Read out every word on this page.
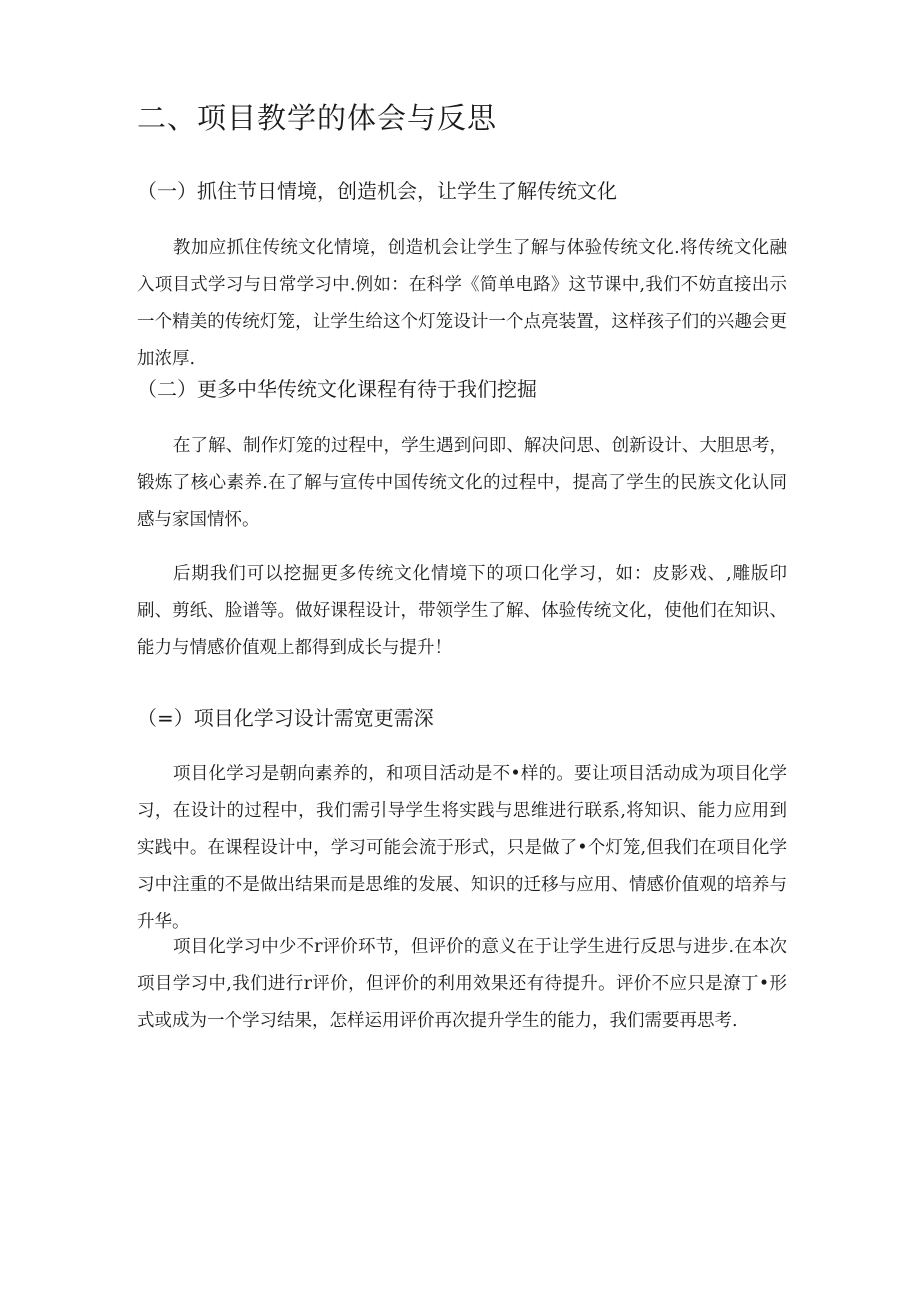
二、项目教学的体会与反思
（一）抓住节日情境，创造机会，让学生了解传统文化

教加应抓住传统文化情境，创造机会让学生了解与体验传统文化.将传统文化融入项目式学习与日常学习中.例如：在科学《简单电路》这节课中,我们不妨直接出示一个精美的传统灯笼，让学生给这个灯笼设计一个点亮装置，这样孩子们的兴趣会更加浓厚.

（二）更多中华传统文化课程有待于我们挖掘

在了解、制作灯笼的过程中，学生遇到问即、解决问思、创新设计、大胆思考，锻炼了核心素养.在了解与宣传中国传统文化的过程中，提高了学生的民族文化认同感与家国情怀。

后期我们可以挖掘更多传统文化情境下的项口化学习，如：皮影戏、,雕版印刷、剪纸、脸谱等。做好课程设计，带领学生了解、体验传统文化，使他们在知识、能力与情感价值观上都得到成长与提升！

（=）项目化学习设计需宽更需深

项目化学习是朝向素养的，和项目活动是不•样的。要让项目活动成为项目化学习，在设计的过程中，我们需引导学生将实践与思维进行联系,将知识、能力应用到实践中。在课程设计中，学习可能会流于形式，只是做了•个灯笼,但我们在项目化学习中注重的不是做出结果而是思维的发展、知识的迁移与应用、情感价值观的培养与升华。

项目化学习中少不r评价环节，但评价的意义在于让学生进行反思与进步.在本次项目学习中,我们进行r评价，但评价的利用效果还有待提升。评价不应只是潦丁•形式或成为一个学习结果，怎样运用评价再次提升学生的能力，我们需要再思考.
